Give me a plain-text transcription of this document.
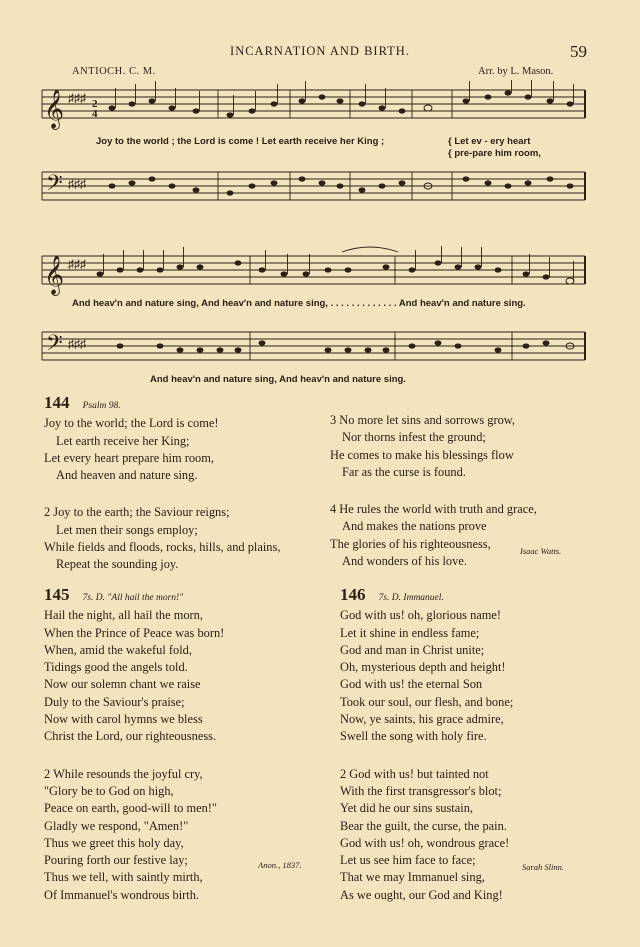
INCARNATION AND BIRTH.	59
ANTIOCH. C. M.	Arr. by L. Mason.
𝄞 ♯♯♯ 2
4
Joy to the world ; the Lord is come ! Let earth receive her King ;	{ Let ev - ery heart
{ pre-pare him room,
𝄢 ♯♯♯
𝄞 ♯♯♯
And heav'n and nature sing, And heav'n and nature sing, . . . . . . . . . . . . . And heav'n and nature sing.
𝄢 ♯♯♯
And heav'n and nature sing, And heav'n and nature sing.
144 Psalm 98.
Joy to the world; the Lord is come!
Let earth receive her King;
Let every heart prepare him room,
And heaven and nature sing.
2 Joy to the earth; the Saviour reigns;
Let men their songs employ;
While fields and floods, rocks, hills, and plains,
Repeat the sounding joy.
3 No more let sins and sorrows grow,
Nor thorns infest the ground;
He comes to make his blessings flow
Far as the curse is found.
4 He rules the world with truth and grace,
And makes the nations prove
The glories of his righteousness,
And wonders of his love.
Isaac Watts.
145 7s. D. "All hail the morn!"
Hail the night, all hail the morn,
When the Prince of Peace was born!
When, amid the wakeful fold,
Tidings good the angels told.
Now our solemn chant we raise
Duly to the Saviour's praise;
Now with carol hymns we bless
Christ the Lord, our righteousness.
2 While resounds the joyful cry,
"Glory be to God on high,
Peace on earth, good-will to men!"
Gladly we respond, "Amen!"
Thus we greet this holy day,
Pouring forth our festive lay;
Thus we tell, with saintly mirth,
Of Immanuel's wondrous birth.
Anon., 1837.
146 7s. D. Immanuel.
God with us! oh, glorious name!
Let it shine in endless fame;
God and man in Christ unite;
Oh, mysterious depth and height!
God with us! the eternal Son
Took our soul, our flesh, and bone;
Now, ye saints, his grace admire,
Swell the song with holy fire.
2 God with us! but tainted not
With the first transgressor's blot;
Yet did he our sins sustain,
Bear the guilt, the curse, the pain.
God with us! oh, wondrous grace!
Let us see him face to face;
That we may Immanuel sing,
As we ought, our God and King!
Sarah Slinn.
